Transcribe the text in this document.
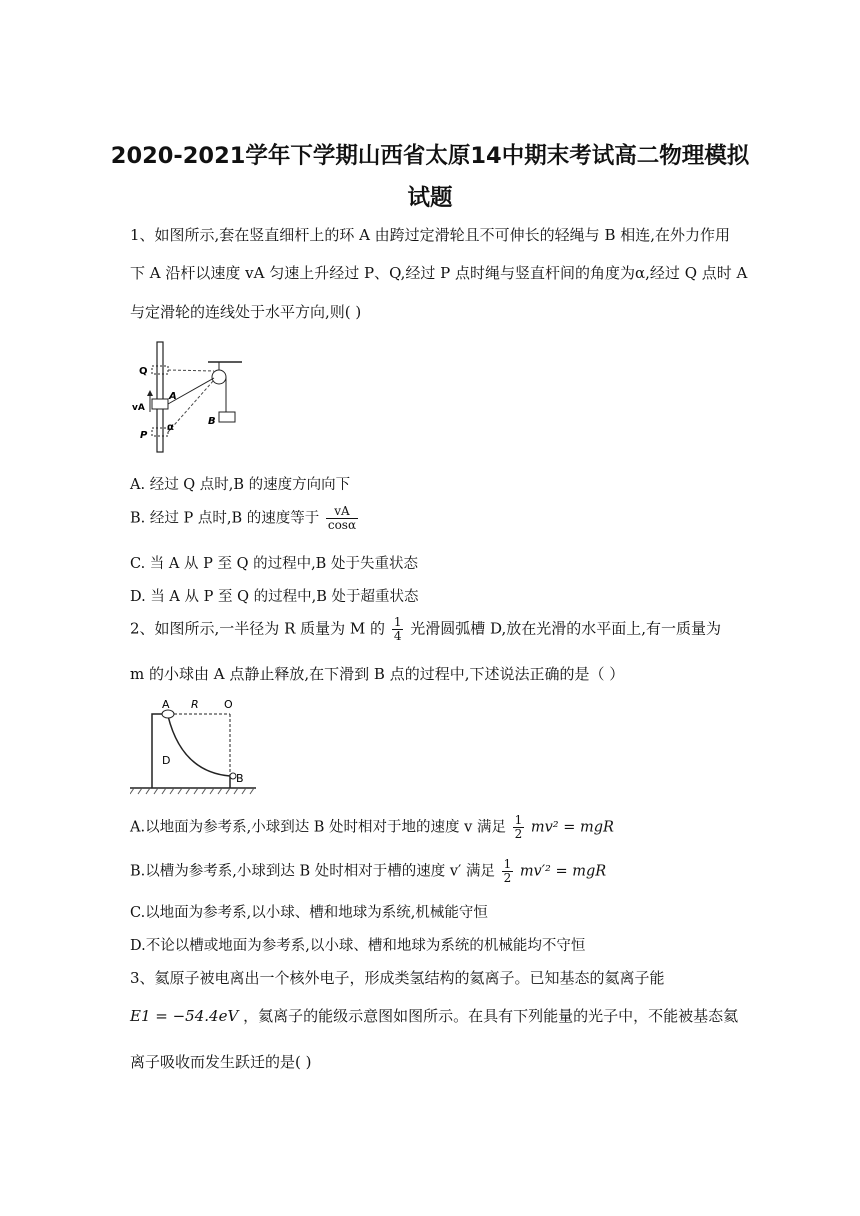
2020-2021学年下学期山西省太原14中期末考试高二物理模拟
试题
1、如图所示,套在竖直细杆上的环 A 由跨过定滑轮且不可伸长的轻绳与 B 相连,在外力作用
下 A 沿杆以速度 vA 匀速上升经过 P、Q,经过 P 点时绳与竖直杆间的角度为α,经过 Q 点时 A
与定滑轮的连线处于水平方向,则( )
Q
A
vA
P
α
B
A. 经过 Q 点时,B 的速度方向向下
B. 经过 P 点时,B 的速度等于 $\frac{vA}{\cos\alpha}$
C. 当 A 从 P 至 Q 的过程中,B 处于失重状态
D. 当 A 从 P 至 Q 的过程中,B 处于超重状态
2、如图所示,一半径为 R 质量为 M 的 $\frac{1}{4}$ 光滑圆弧槽 D,放在光滑的水平面上,有一质量为
m 的小球由 A 点静止释放,在下滑到 B 点的过程中,下述说法正确的是（ ）
A R O
D
B
A.以地面为参考系,小球到达 B 处时相对于地的速度 v 满足 $\frac{1}{2} mv^2$ = mgR
B.以槽为参考系,小球到达 B 处时相对于槽的速度 v′ 满足 $\frac{1}{2} mv'^2$ = mgR
C.以地面为参考系,以小球、槽和地球为系统,机械能守恒
D.不论以槽或地面为参考系,以小球、槽和地球为系统的机械能均不守恒
3、氦原子被电离出一个核外电子，形成类氢结构的氦离子。已知基态的氦离子能
E1 = −54.4eV ，氦离子的能级示意图如图所示。在具有下列能量的光子中，不能被基态氦
离子吸收而发生跃迁的是( )
